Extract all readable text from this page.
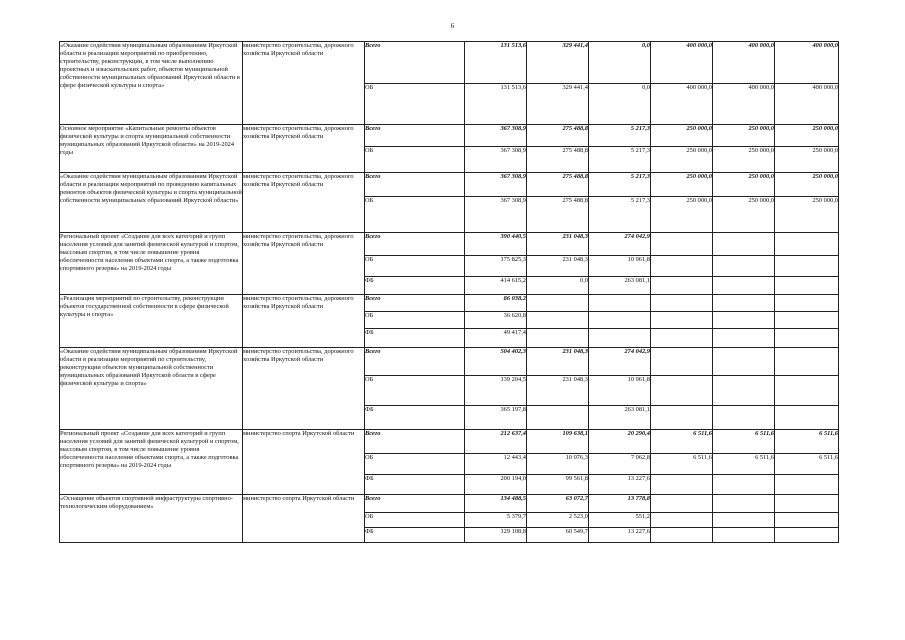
6
«Оказание содействия муниципальным образованиям Иркутской области в реализации мероприятий по приобретению, строительству, реконструкции, в том числе выполнению проектных и изыскательских работ, объектов муниципальной собственности муниципальных образований Иркутской области в сфере физической культуры и спорта»	министерство строительства, дорожного хозяйства Иркутской области	Всего	131 513,6	329 441,4	0,0	400 000,0	400 000,0	400 000,0
		ОБ	131 513,6	329 441,4	0,0	400 000,0	400 000,0	400 000,0
Основное мероприятие «Капитальные ремонты объектов физической культуры и спорта муниципальной собственности муниципальных образований Иркутской области» на 2019-2024 годы	министерство строительства, дорожного хозяйства Иркутской области	Всего	367 308,9	275 488,8	5 217,3	250 000,0	250 000,0	250 000,0
		ОБ	367 308,9	275 488,8	5 217,3	250 000,0	250 000,0	250 000,0
«Оказание содействия муниципальным образованиям Иркутской области в реализации мероприятий по проведению капитальных ремонтов объектов физической культуры и спорта муниципальной собственности муниципальных образований Иркутской области»	министерство строительства, дорожного хозяйства Иркутской области	Всего	367 308,9	275 488,8	5 217,3	250 000,0	250 000,0	250 000,0
		ОБ	367 308,9	275 488,8	5 217,3	250 000,0	250 000,0	250 000,0
Региональный проект «Создание для всех категорий и групп населения условий для занятий физической культурой и спортом, массовым спортом, в том числе повышение уровня обеспеченности населения объектами спорта, а также подготовка спортивного резерва» на 2019-2024 годы	министерство строительства, дорожного хозяйства Иркутской области	Всего	390 440,5	231 048,3	274 042,9			
		ОБ	175 825,3	231 048,3	10 961,8			
		ФБ	414 615,2	0,0	263 081,1			
«Реализация мероприятий по строительству, реконструкции объектов государственной собственности в сфере физической культуры и спорта»	министерство строительства, дорожного хозяйства Иркутской области	Всего	86 038,2					
		ОБ	36 620,8					
		ФБ	49 417,4					
«Оказание содействия муниципальным образованиям Иркутской области в реализации мероприятий по строительству, реконструкции объектов муниципальной собственности муниципальных образований Иркутской области в сфере физической культуры и спорта»	министерство строительства, дорожного хозяйства Иркутской области	Всего	504 402,3	231 048,3	274 042,9			
		ОБ	139 204,5	231 048,3	10 961,8			
		ФБ	365 197,8		263 081,1			
Региональный проект «Создание для всех категорий и групп населения условий для занятий физической культурой и спортом, массовым спортом, в том числе повышение уровня обеспеченности населения объектами спорта, а также подготовка спортивного резерва» на 2019-2024 годы	министерство спорта Иркутской области	Всего	212 637,4	109 638,1	20 290,4	6 511,6	6 511,6	6 511,6
		ОБ	12 443,4	10 076,3	7 062,8	6 511,6	6 511,6	6 511,6
		ФБ	200 194,0	99 561,8	13 227,6			
«Оснащение объектов спортивной инфраструктуры спортивно-технологическим оборудованием»	министерство спорта Иркутской области	Всего	134 488,5	63 072,7	13 778,8			
		ОБ	5 379,7	2 523,0	551,2			
		ФБ	129 108,8	60 549,7	13 227,6			
